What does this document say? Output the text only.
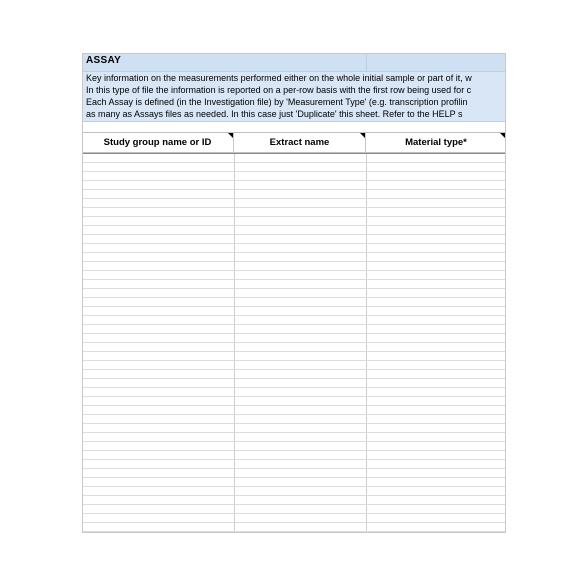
ASSAY
Key information on the measurements performed either on the whole initial sample or part of it, w
In this type of file the information is reported on a per-row basis with the first row being used for c
Each Assay is defined (in the Investigation file) by 'Measurement Type' (e.g. transcription profilin
as many as Assays files as needed. In this case just 'Duplicate' this sheet. Refer to the HELP s
Study group name or ID	Extract name	Material type*
